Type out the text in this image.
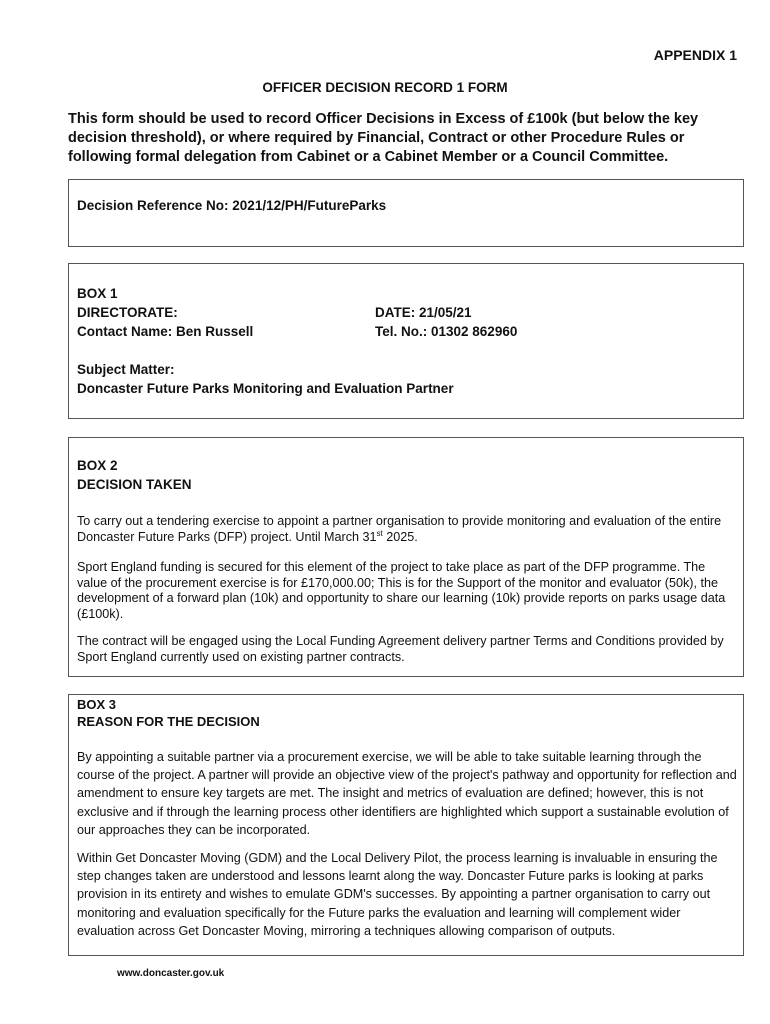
APPENDIX 1
OFFICER DECISION RECORD 1 FORM
This form should be used to record Officer Decisions in Excess of £100k (but below the key decision threshold), or where required by Financial, Contract or other Procedure Rules or following formal delegation from Cabinet or a Cabinet Member or a Council Committee.
Decision Reference No: 2021/12/PH/FutureParks
BOX 1
DIRECTORATE:	DATE: 21/05/21
Contact Name: Ben Russell	Tel. No.: 01302 862960
Subject Matter:
Doncaster Future Parks Monitoring and Evaluation Partner
BOX 2
DECISION TAKEN
To carry out a tendering exercise to appoint a partner organisation to provide monitoring and evaluation of the entire Doncaster Future Parks (DFP) project. Until March 31st 2025.
Sport England funding is secured for this element of the project to take place as part of the DFP programme. The value of the procurement exercise is for £170,000.00; This is for the Support of the monitor and evaluator (50k), the development of a forward plan (10k) and opportunity to share our learning (10k) provide reports on parks usage data (£100k).
The contract will be engaged using the Local Funding Agreement delivery partner Terms and Conditions provided by Sport England currently used on existing partner contracts.
BOX 3
REASON FOR THE DECISION
By appointing a suitable partner via a procurement exercise, we will be able to take suitable learning through the course of the project. A partner will provide an objective view of the project's pathway and opportunity for reflection and amendment to ensure key targets are met. The insight and metrics of evaluation are defined; however, this is not exclusive and if through the learning process other identifiers are highlighted which support a sustainable evolution of our approaches they can be incorporated.
Within Get Doncaster Moving (GDM) and the Local Delivery Pilot, the process learning is invaluable in ensuring the step changes taken are understood and lessons learnt along the way. Doncaster Future parks is looking at parks provision in its entirety and wishes to emulate GDM's successes. By appointing a partner organisation to carry out monitoring and evaluation specifically for the Future parks the evaluation and learning will complement wider evaluation across Get Doncaster Moving, mirroring a techniques allowing comparison of outputs.
www.doncaster.gov.uk
